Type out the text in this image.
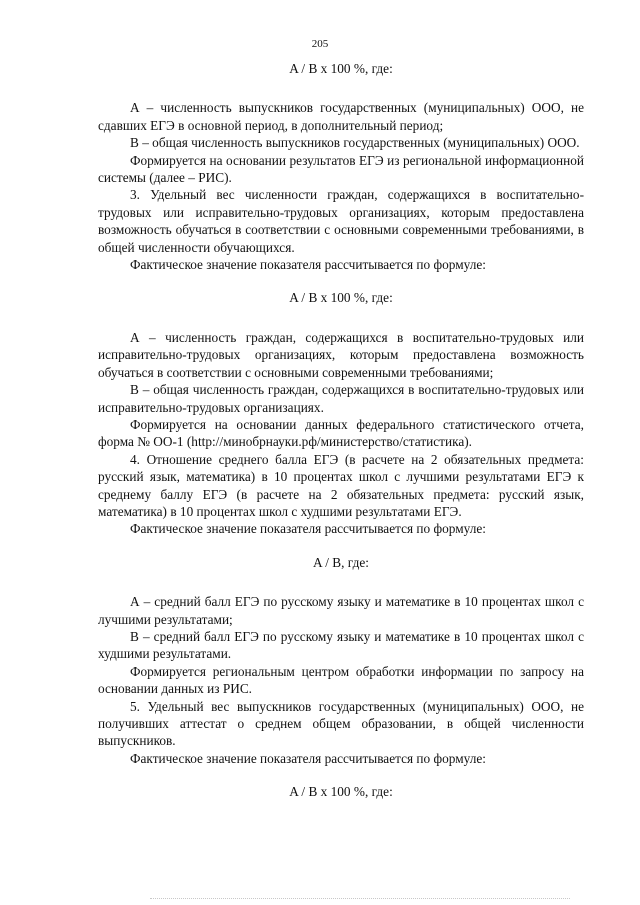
205

A / B x 100 %, где:

А – численность выпускников государственных (муниципальных) ООО, не сдавших ЕГЭ в основной период, в дополнительный период;

В – общая численность выпускников государственных (муниципальных) ООО.

Формируется на основании результатов ЕГЭ из региональной информационной системы (далее – РИС).

3. Удельный вес численности граждан, содержащихся в воспитательно-трудовых или исправительно-трудовых организациях, которым предоставлена возможность обучаться в соответствии с основными современными требованиями, в общей численности обучающихся.

Фактическое значение показателя рассчитывается по формуле:

A / B x 100 %, где:

А – численность граждан, содержащихся в воспитательно-трудовых или исправительно-трудовых организациях, которым предоставлена возможность обучаться в соответствии с основными современными требованиями;

В – общая численность граждан, содержащихся в воспитательно-трудовых или исправительно-трудовых организациях.

Формируется на основании данных федерального статистического отчета, форма № ОО-1 (http://минобрнауки.рф/министерство/статистика).

4. Отношение среднего балла ЕГЭ (в расчете на 2 обязательных предмета: русский язык, математика) в 10 процентах школ с лучшими результатами ЕГЭ к среднему баллу ЕГЭ (в расчете на 2 обязательных предмета: русский язык, математика) в 10 процентах школ с худшими результатами ЕГЭ.

Фактическое значение показателя рассчитывается по формуле:

A / B, где:

А – средний балл ЕГЭ по русскому языку и математике в 10 процентах школ с лучшими результатами;

В – средний балл ЕГЭ по русскому языку и математике в 10 процентах школ с худшими результатами.

Формируется региональным центром обработки информации по запросу на основании данных из РИС.

5. Удельный вес выпускников государственных (муниципальных) ООО, не получивших аттестат о среднем общем образовании, в общей численности выпускников.

Фактическое значение показателя рассчитывается по формуле:

A / B x 100 %, где:
